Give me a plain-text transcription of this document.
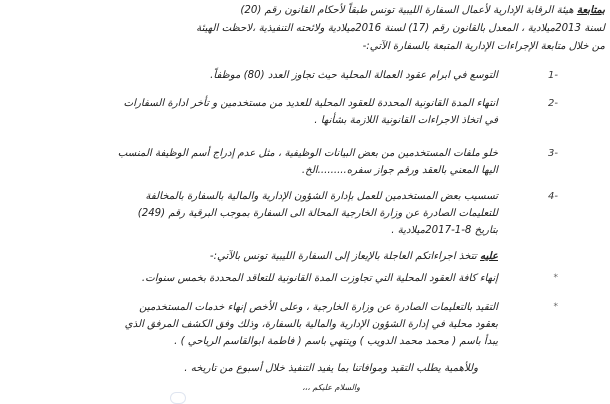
بمتابعة هيئة الرقابة الإدارية لأعمال السفارة الليبية تونس طبقاً لأحكام القانون رقم (20)
لسنة 2013ميلادية ، المعدل بالقانون رقم (17) لسنة 2016ميلادية ولائحته التنفيذية ،لاحظت الهيئة
من خلال متابعة الإجراءات الإدارية المتبعة بالسفارة الآتي:-
-1
التوسع في ابرام عقود العمالة المحلية حيث تجاوز العدد (80) موظفاً.
-2
انتهاء المدة القانونية المحددة للعقود المحلية للعديد من مستخدمين و تأخر ادارة السفارات
في اتخاذ الاجراءات القانونية اللازمة بشأنها .
-3
خلو ملفات المستخدمين من بعض البيانات الوظيفية ، مثل عدم إدراج أسم الوظيفة المنسب
اليها المعني بالعقد ورقم جواز سفره.........الخ.
-4
تسسيب بعض المستخدمين للعمل بإدارة الشؤون الإدارية والمالية بالسفارة بالمخالفة
للتعليمات الصادرة عن وزارة الخارجية المحالة الى السفارة بموجب البرقية رقم (249)
بتاريخ 8-1-2017ميلادية .
عليه تتخذ اجراءاتكم العاجلة بالإيعاز إلى السفارة الليبية تونس بالآتي:-
*
إنهاء كافة العقود المحلية التي تجاوزت المدة القانونية للتعاقد المحددة بخمس سنوات.
*
التقيد بالتعليمات الصادرة عن وزارة الخارجية ، وعلى الأخص إنهاء خدمات المستخدمين
بعقود محلية في إدارة الشؤون الإدارية والمالية بالسفارة، وذلك وفق الكشف المرفق الذي
يبدأ باسم ( محمد محمد الدويب ) وينتهي باسم ( فاطمة ابوالقاسم الرياحي ) .
وللأهمية يطلب التقيد وموافاتنا بما يفيد التنفيذ خلال أسبوع من تاريخه .
والسلام عليكم ،،،
